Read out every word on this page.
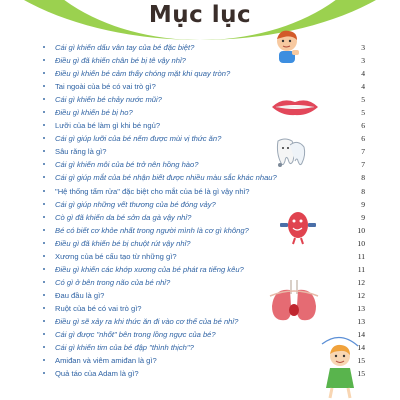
Mục lục
Cái gì khiến dấu vân tay của bé đặc biệt?	3
Điều gì đã khiến chân bé bị tê vậy nhỉ?	3
Điều gì khiến bé cảm thấy chóng mặt khi quay tròn?	4
Tai ngoài của bé có vai trò gì?	4
Cái gì khiến bé chảy nước mũi?	5
Điều gì khiến bé bị ho?	5
Lưỡi của bé làm gì khi bé ngủ?	6
Cái gì giúp lưỡi của bé nếm được mùi vị thức ăn?	6
Sâu răng là gì?	7
Cái gì khiến môi của bé trở nên hồng hào?	7
Cái gì giúp mắt của bé nhận biết được nhiều màu sắc khác nhau?	8
"Hệ thống tẩm rửa" đặc biệt cho mắt của bé là gì vậy nhỉ?	8
Cái gì giúp những vết thương của bé đóng vảy?	9
Cò gì đã khiến da bé sởn da gà vậy nhỉ?	9
Bé có biết cơ khỏe nhất trong người mình là cơ gì không?	10
Điều gì đã khiến bé bị chuột rút vậy nhỉ?	10
Xương của bé cấu tạo từ những gì?	11
Điều gì khiến các khớp xương của bé phát ra tiếng kêu?	11
Có gì ở bên trong não của bé nhỉ?	12
Đau đầu là gì?	12
Ruột của bé có vai trò gì?	13
Điều gì sẽ xảy ra khi thức ăn đi vào cơ thể của bé nhỉ?	13
Cái gì được "nhốt" bên trong lồng ngực của bé?	14
Cái gì khiến tim của bé đập "thình thịch"?	14
Amiđan và viêm amiđan là gì?	15
Quả táo của Adam là gì?	15
